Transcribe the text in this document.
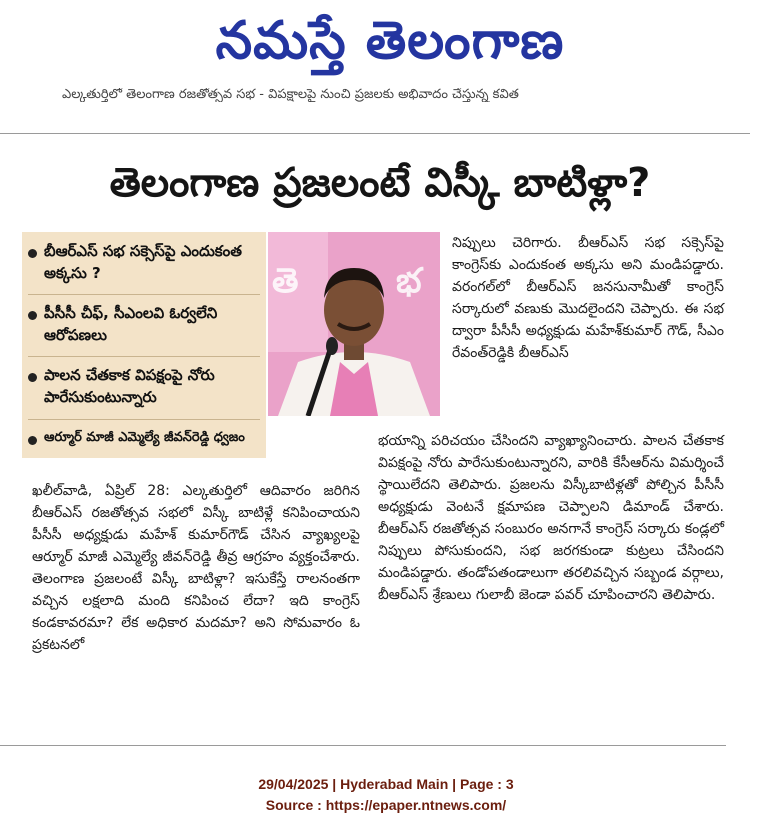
నమస్తే తెలంగాణ
ఎల్కతుర్తిలో తెలంగాణ రజతోత్సవ సభ - విపక్షాలపై నుంచి ప్రజలకు అభివాదం చేస్తున్న కవిత
తెలంగాణ ప్రజలంటే విస్కీ బాటిళ్లా?
బీఆర్ఎస్ సభ సక్సెస్‌పై ఎందుకంత అక్కసు ?
పీసీసీ చీఫ్, సీఎంలవి ఓర్వలేని ఆరోపణలు
పాలన చేతకాక విపక్షంపై నోరు పారేసుకుంటున్నారు
ఆర్మూర్ మాజీ ఎమ్మెల్యే జీవన్‌రెడ్డి ధ్వజం
తె	భ
నిప్పులు చెరిగారు. బీఆర్ఎస్ సభ సక్సెస్‌పై కాంగ్రెస్‌కు ఎందుకంత అక్కసు అని మండిపడ్డారు. వరంగల్‌లో బీఆర్ఎస్ జనసునామీతో కాంగ్రెస్ సర్కారులో వణుకు మొదలైందని చెప్పారు. ఈ సభ ద్వారా పీసీసీ అధ్యక్షుడు మహేశ్‌కుమార్ గౌడ్, సీఎం రేవంత్‌రెడ్డికి బీఆర్ఎస్
భయాన్ని పరిచయం చేసిందని వ్యాఖ్యానించారు. పాలన చేతకాక విపక్షంపై నోరు పారేసుకుంటున్నారని, వారికి కేసీఆర్‌ను విమర్శించే స్థాయిలేదని తెలిపారు. ప్రజలను విస్కీబాటిళ్లతో పోల్చిన పీసీసీ అధ్యక్షుడు వెంటనే క్షమాపణ చెప్పాలని డిమాండ్ చేశారు. బీఆర్ఎస్ రజతోత్సవ సంబురం అనగానే కాంగ్రెస్ సర్కారు కండ్లలో నిప్పులు పోసుకుందని, సభ జరగకుండా కుట్రలు చేసిందని మండిపడ్డారు. తండోపతండాలుగా తరలివచ్చిన సబ్బండ వర్గాలు, బీఆర్ఎస్ శ్రేణులు గులాబీ జెండా పవర్ చూపించారని తెలిపారు.
ఖలీల్‌వాడి, ఏప్రిల్ 28: ఎల్కతుర్తిలో ఆదివారం జరిగిన బీఆర్ఎస్ రజతోత్సవ సభలో విస్కీ బాటిళ్లే కనిపించాయని పీసీసీ అధ్యక్షుడు మహేశ్ కుమార్‌గౌడ్ చేసిన వ్యాఖ్యలపై ఆర్మూర్ మాజీ ఎమ్మెల్యే జీవన్‌రెడ్డి తీవ్ర ఆగ్రహం వ్యక్తంచేశారు. తెలంగాణ ప్రజలంటే విస్కీ బాటిళ్లా? ఇసుకేస్తే రాలనంతగా వచ్చిన లక్షలాది మంది కనిపించ లేదా? ఇది కాంగ్రెస్ కండకావరమా? లేక అధికార మదమా? అని సోమవారం ఓ ప్రకటనలో
29/04/2025 | Hyderabad Main | Page : 3
Source : https://epaper.ntnews.com/
